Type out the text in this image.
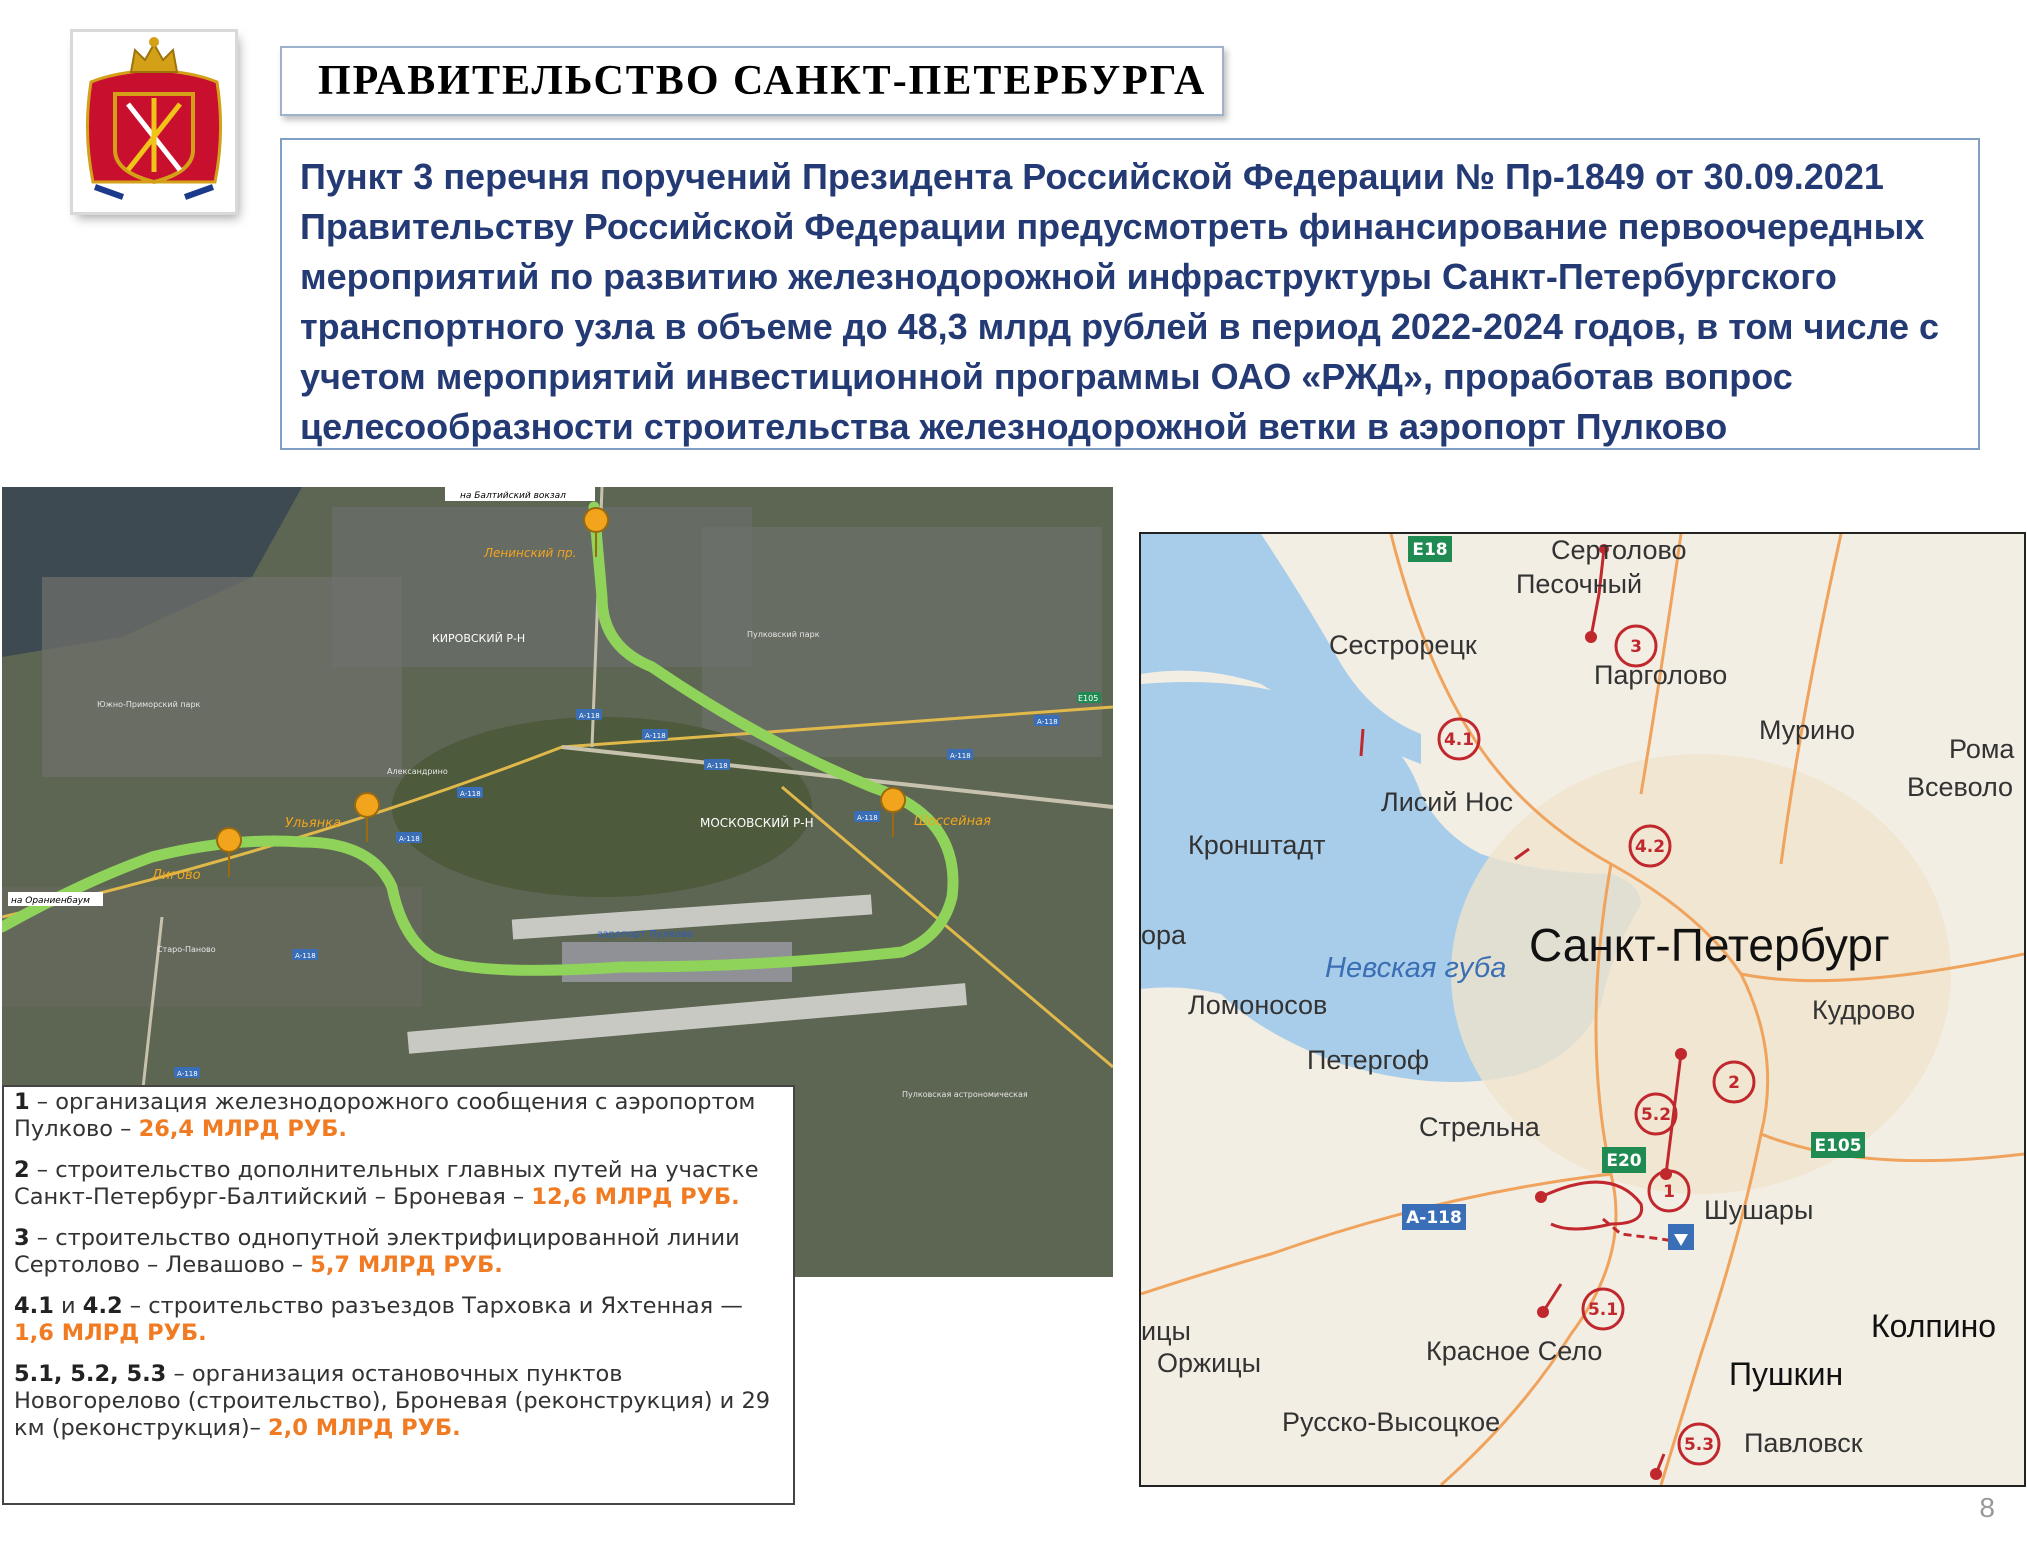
ПРАВИТЕЛЬСТВО САНКТ-ПЕТЕРБУРГА

Пункт 3 перечня поручений Президента Российской Федерации № Пр-1849 от 30.09.2021

Правительству Российской Федерации предусмотреть финансирование первоочередных

мероприятий по развитию железнодорожной инфраструктуры Санкт-Петербургского

транспортного узла в объеме до 48,3 млрд рублей в период 2022-2024 годов, в том числе с

учетом мероприятий инвестиционной программы ОАО «РЖД», проработав вопрос

целесообразности строительства железнодорожной ветки в аэропорт Пулково

E105
на Балтийский вокзал
Ленинский пр.
КИРОВСКИЙ Р-Н
МОСКОВСКИЙ Р-Н
Ульянка
Лигово
Шоссейная
на Ораниенбаум
Южно-Приморский парк
Александрино
Старо-Паново
Пулковский парк
аэропорт Пулково
Пулковская астрономическая
А-118
А-118
А-118
А-118
А-118
А-118
А-118
А-118
А-118
А-118
1 – организация железнодорожного сообщения с аэропортом Пулково – 26,4 МЛРД РУБ.
2 – строительство дополнительных главных путей на участке Санкт-Петербург-Балтийский – Броневая – 12,6 МЛРД РУБ.
3 – строительство однопутной электрифицированной линии Сертолово – Левашово – 5,7 МЛРД РУБ.
4.1 и 4.2 – строительство разъездов Тарховка и Яхтенная — 1,6 МЛРД РУБ.
5.1, 5.2, 5.3 – организация остановочных пунктов Новогорелово (строительство), Броневая (реконструкция) и 29 км (реконструкция)– 2,0 МЛРД РУБ.
3
4.1
4.2
2
5.2
1
5.1
5.3
E18
E20
E105
А-118
Сертолово
Песочный
Сестрорецк
Парголово
Мурино
Рома
Всеволо
Лисий Нос
Кронштадт
ора
Кудрово
Ломоносов
Петергоф
Стрельна
Шушары
Красное Село
ицы
Оржицы
Русско-Высоцкое
Павловск
Колпино
Пушкин
Санкт-Петербург
Невская губа
8
